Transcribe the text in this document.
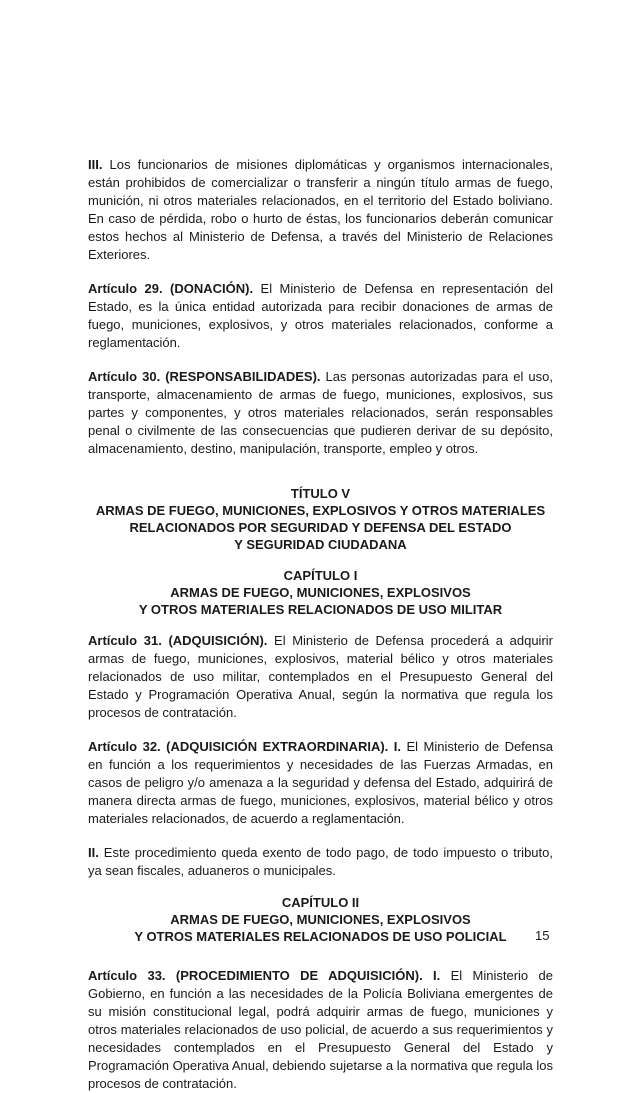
III. Los funcionarios de misiones diplomáticas y organismos internacionales, están prohibidos de comercializar o transferir a ningún título armas de fuego, munición, ni otros materiales relacionados, en el territorio del Estado boliviano. En caso de pérdida, robo o hurto de éstas, los funcionarios deberán comunicar estos hechos al Ministerio de Defensa, a través del Ministerio de Relaciones Exteriores.

Artículo 29. (DONACIÓN). El Ministerio de Defensa en representación del Estado, es la única entidad autorizada para recibir donaciones de armas de fuego, municiones, explosivos, y otros materiales relacionados, conforme a reglamentación.

Artículo 30. (RESPONSABILIDADES). Las personas autorizadas para el uso, transporte, almacenamiento de armas de fuego, municiones, explosivos, sus partes y componentes, y otros materiales relacionados, serán responsables penal o civilmente de las consecuencias que pudieren derivar de su depósito, almacenamiento, destino, manipulación, transporte, empleo y otros.

TÍTULO V

ARMAS DE FUEGO, MUNICIONES, EXPLOSIVOS Y OTROS MATERIALES

RELACIONADOS POR SEGURIDAD Y DEFENSA DEL ESTADO

Y SEGURIDAD CIUDADANA

CAPÍTULO I

ARMAS DE FUEGO, MUNICIONES, EXPLOSIVOS

Y OTROS MATERIALES RELACIONADOS DE USO MILITAR

Artículo 31. (ADQUISICIÓN). El Ministerio de Defensa procederá a adquirir armas de fuego, municiones, explosivos, material bélico y otros materiales relacionados de uso militar, contemplados en el Presupuesto General del Estado y Programación Operativa Anual, según la normativa que regula los procesos de contratación.

Artículo 32. (ADQUISICIÓN EXTRAORDINARIA). I. El Ministerio de Defensa en función a los requerimientos y necesidades de las Fuerzas Armadas, en casos de peligro y/o amenaza a la seguridad y defensa del Estado, adquirirá de manera directa armas de fuego, municiones, explosivos, material bélico y otros materiales relacionados, de acuerdo a reglamentación.

II. Este procedimiento queda exento de todo pago, de todo impuesto o tributo, ya sean fiscales, aduaneros o municipales.

CAPÍTULO II

ARMAS DE FUEGO, MUNICIONES, EXPLOSIVOS

Y OTROS MATERIALES RELACIONADOS DE USO POLICIAL

Artículo 33. (PROCEDIMIENTO DE ADQUISICIÓN). I. El Ministerio de Gobierno, en función a las necesidades de la Policía Boliviana emergentes de su misión constitucional legal, podrá adquirir armas de fuego, municiones y otros materiales relacionados de uso policial, de acuerdo a sus requerimientos y necesidades contemplados en el Presupuesto General del Estado y Programación Operativa Anual, debiendo sujetarse a la normativa que regula los procesos de contratación.

15
